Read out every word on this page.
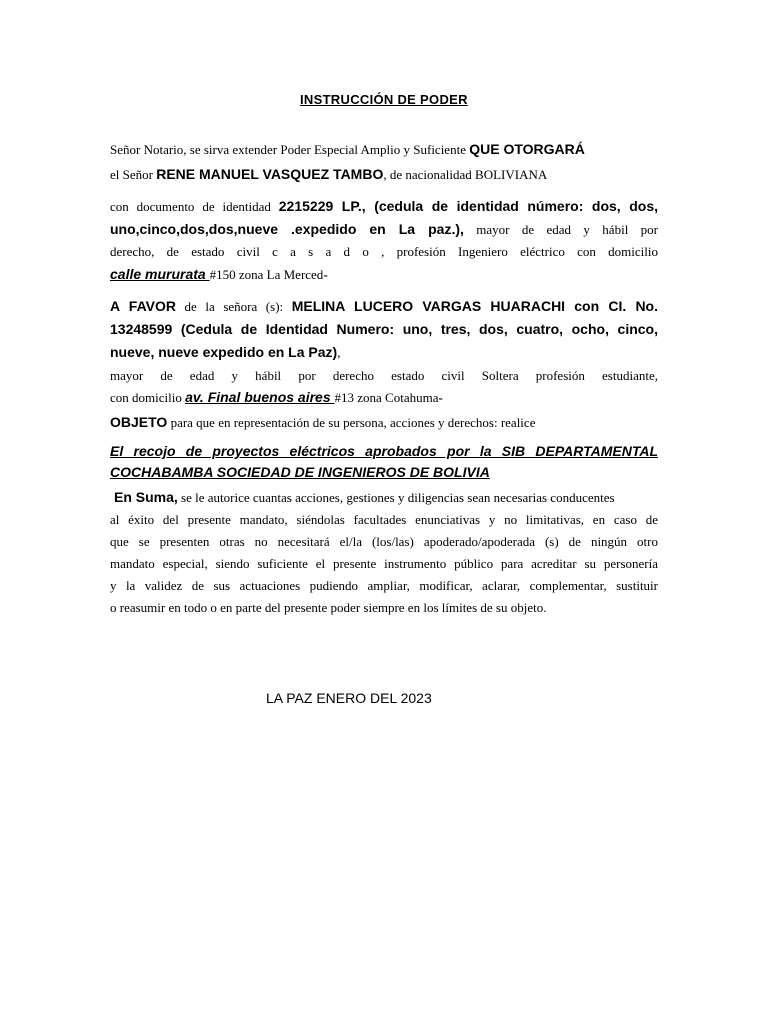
INSTRUCCIÓN DE PODER
Señor Notario, se sirva extender Poder Especial Amplio y Suficiente QUE OTORGARÁ
el Señor RENE MANUEL VASQUEZ TAMBO, de nacionalidad BOLIVIANA
con documento de identidad 2215229 LP., (cedula de identidad número: dos, dos,
uno,cinco,dos,dos,nueve .expedido en La paz.), mayor de edad y hábil por
derecho, de estado civil c a s a d o , profesión Ingeniero eléctrico con domicilio
calle mururata #150 zona La Merced-
A FAVOR de la señora (s): MELINA LUCERO VARGAS HUARACHI con CI. No.
13248599 (Cedula de Identidad Numero: uno, tres, dos, cuatro, ocho, cinco,
nueve, nueve expedido en La Paz),
mayor de edad y hábil por derecho estado civil Soltera profesión estudiante,
con domicilio av. Final buenos aires #13 zona Cotahuma-
OBJETO para que en representación de su persona, acciones y derechos: realice
El recojo de proyectos eléctricos aprobados por la SIB DEPARTAMENTAL
COCHABAMBA SOCIEDAD DE INGENIEROS DE BOLIVIA
En Suma, se le autorice cuantas acciones, gestiones y diligencias sean necesarias conducentes
al éxito del presente mandato, siéndolas facultades enunciativas y no limitativas, en caso de
que se presenten otras no necesitará el/la (los/las) apoderado/apoderada (s) de ningún otro
mandato especial, siendo suficiente el presente instrumento público para acreditar su personería
y la validez de sus actuaciones pudiendo ampliar, modificar, aclarar, complementar, sustituir
o reasumir en todo o en parte del presente poder siempre en los límites de su objeto.
LA PAZ ENERO DEL 2023
